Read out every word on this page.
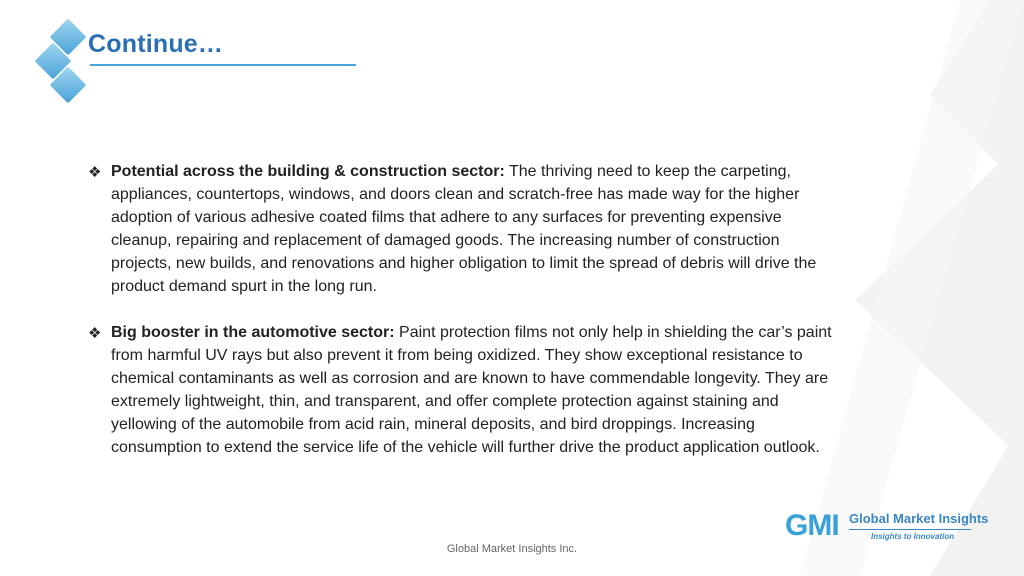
Continue…
❖ Potential across the building & construction sector: The thriving need to keep the carpeting, appliances, countertops, windows, and doors clean and scratch-free has made way for the higher adoption of various adhesive coated films that adhere to any surfaces for preventing expensive cleanup, repairing and replacement of damaged goods. The increasing number of construction projects, new builds, and renovations and higher obligation to limit the spread of debris will drive the product demand spurt in the long run.
❖ Big booster in the automotive sector: Paint protection films not only help in shielding the car’s paint from harmful UV rays but also prevent it from being oxidized. They show exceptional resistance to chemical contaminants as well as corrosion and are known to have commendable longevity. They are extremely lightweight, thin, and transparent, and offer complete protection against staining and yellowing of the automobile from acid rain, mineral deposits, and bird droppings. Increasing consumption to extend the service life of the vehicle will further drive the product application outlook.
GMI Global Market Insights
Insights to Innovation
Global Market Insights Inc.
